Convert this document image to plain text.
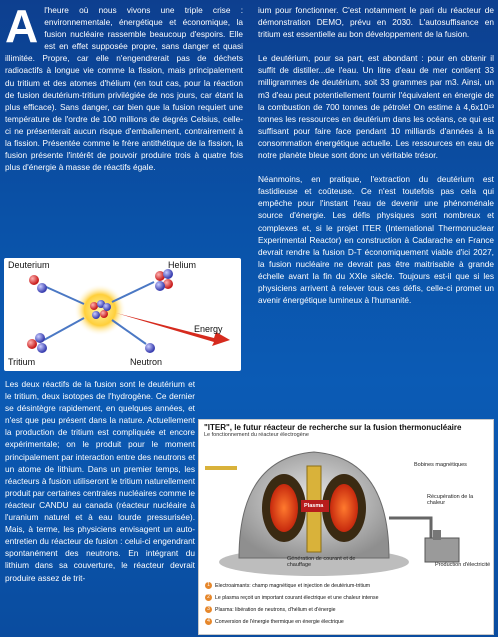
A l'heure où nous vivons une triple crise : environnementale, énergétique et économique, la fusion nucléaire rassemble beaucoup d'espoirs. Elle est en effet supposée propre, sans danger et quasi illimitée. Propre, car elle n'engendrerait pas de déchets radioactifs à longue vie comme la fission, mais principalement du tritium et des atomes d'hélium (en tout cas, pour la réaction de fusion deutérium-tritium privilégiée de nos jours, car étant la plus efficace). Sans danger, car bien que la fusion requiert une température de l'ordre de 100 millions de degrés Celsius, celle-ci ne présenterait aucun risque d'emballement, contrairement à la fission. Présentée comme le frère antithétique de la fission, la fusion présente l'intérêt de pouvoir produire trois à quatre fois plus d'énergie à masse de réactifs égale.

Deuterium	Helium
Tritium	Neutron
Energy

Les deux réactifs de la fusion sont le deutérium et le tritium, deux isotopes de l'hydrogène. Ce dernier se désintègre rapidement, en quelques années, et n'est que peu présent dans la nature. Actuellement la production de tritium est compliquée et encore expérimentale; on le produit pour le moment principalement par interaction entre des neutrons et un atome de lithium. Dans un premier temps, les réacteurs à fusion utiliseront le tritium naturellement produit par certaines centrales nucléaires comme le réacteur CANDU au canada (réacteur nucléaire à l'uranium naturel et à eau lourde pressurisée). Mais, à terme, les physiciens envisagent un auto-entretien du réacteur de fusion : celui-ci engendrant spontanément des neutrons. En intégrant du lithium dans sa couverture, le réacteur devrait produire assez de trit-

ium pour fonctionner. C'est notamment le pari du réacteur de démonstration DEMO, prévu en 2030. L'autosuffisance en tritium est essentielle au bon développement de la fusion.

Le deutérium, pour sa part, est abondant : pour en obtenir il suffit de distiller...de l'eau. Un litre d'eau de mer contient 33 milligrammes de deutérium, soit 33 grammes par m3. Ainsi, un m3 d'eau peut potentiellement fournir l'équivalent en énergie de la combustion de 700 tonnes de pétrole! On estime à 4,6x10¹³ tonnes les ressources en deutérium dans les océans, ce qui est suffisant pour faire face pendant 10 milliards d'années à la consommation énergétique actuelle. Les ressources en eau de notre planète bleue sont donc un véritable trésor.

Néanmoins, en pratique, l'extraction du deutérium est fastidieuse et coûteuse. Ce n'est toutefois pas cela qui empêche pour l'instant l'eau de devenir une phénoménale source d'énergie. Les défis physiques sont nombreux et complexes et, si le projet ITER (International Thermonuclear Experimental Reactor) en construction à Cadarache en France devrait rendre la fusion D-T économiquement viable d'ici 2027, la fusion nucléaire ne devrait pas être maitrisable à grande échelle avant la fin du XXIe siècle. Toujours est-il que si les physiciens arrivent à relever tous ces défis, celle-ci promet un avenir énergétique lumineux à l'humanité.

"ITER", le futur réacteur de recherche sur la fusion thermonucléaire
Le fonctionnement du réacteur électrogène
Plasma
Bobines magnétiques
Récupération de la chaleur
Génération de courant et de chauffage	Production d'électricité
1 Electroaimants: champ magnétique et injection de deutérium-tritium
2 Le plasma reçoit un important courant électrique et une chaleur intense
3 Plasma: libération de neutrons, d'hélium et d'énergie
4 Conversion de l'énergie thermique en énergie électrique
